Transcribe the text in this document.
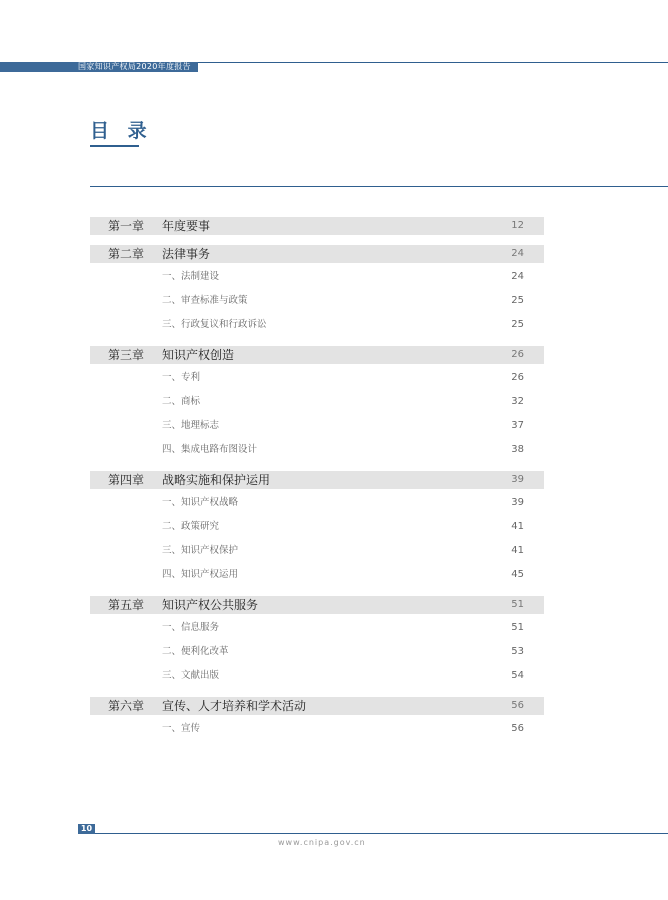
国家知识产权局2020年度报告
目 录
第一章 年度要事	12
第二章 法律事务	24
一、法制建设	24
二、审查标准与政策	25
三、行政复议和行政诉讼	25
第三章 知识产权创造	26
一、专利	26
二、商标	32
三、地理标志	37
四、集成电路布图设计	38
第四章 战略实施和保护运用	39
一、知识产权战略	39
二、政策研究	41
三、知识产权保护	41
四、知识产权运用	45
第五章 知识产权公共服务	51
一、信息服务	51
二、便利化改革	53
三、文献出版	54
第六章 宣传、人才培养和学术活动	56
一、宣传	56
10
www.cnipa.gov.cn
